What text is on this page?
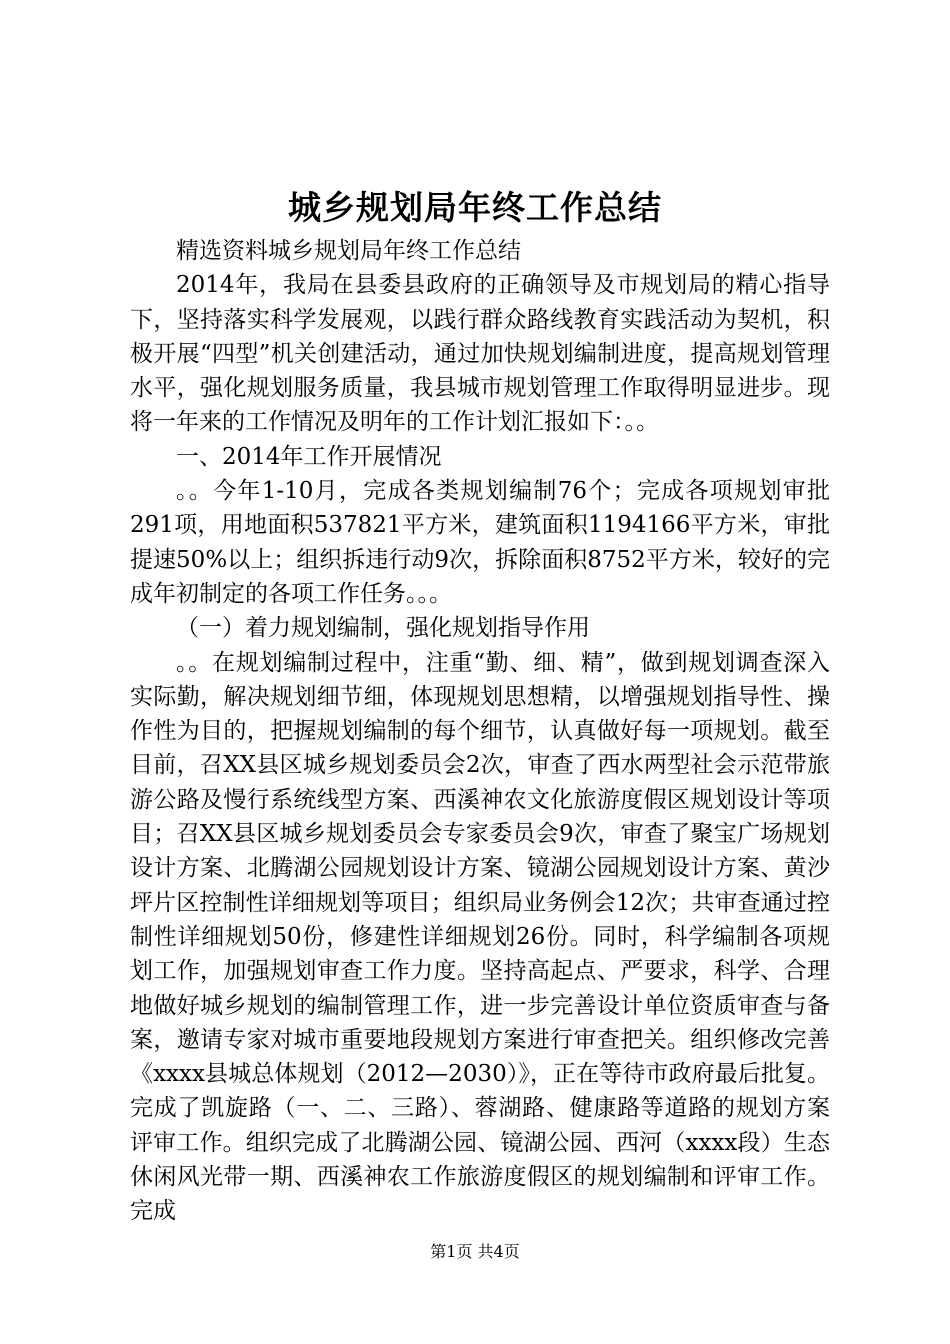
城乡规划局年终工作总结

精选资料城乡规划局年终工作总结

2014年，我局在县委县政府的正确领导及市规划局的精心指导下，坚持落实科学发展观，以践行群众路线教育实践活动为契机，积极开展“四型”机关创建活动，通过加快规划编制进度，提高规划管理水平，强化规划服务质量，我县城市规划管理工作取得明显进步。现将一年来的工作情况及明年的工作计划汇报如下：。。

一、2014年工作开展情况

。。今年1-10月，完成各类规划编制76个；完成各项规划审批291项，用地面积537821平方米，建筑面积1194166平方米，审批提速50%以上；组织拆违行动9次，拆除面积8752平方米，较好的完成年初制定的各项工作任务。。。

（一）着力规划编制，强化规划指导作用

。。在规划编制过程中，注重“勤、细、精”，做到规划调查深入实际勤，解决规划细节细，体现规划思想精，以增强规划指导性、操作性为目的，把握规划编制的每个细节，认真做好每一项规划。截至目前，召XX县区城乡规划委员会2次，审查了西水两型社会示范带旅游公路及慢行系统线型方案、西溪神农文化旅游度假区规划设计等项目；召XX县区城乡规划委员会专家委员会9次，审查了聚宝广场规划设计方案、北腾湖公园规划设计方案、镜湖公园规划设计方案、黄沙坪片区控制性详细规划等项目；组织局业务例会12次；共审查通过控制性详细规划50份，修建性详细规划26份。同时，科学编制各项规划工作，加强规划审查工作力度。坚持高起点、严要求，科学、合理地做好城乡规划的编制管理工作，进一步完善设计单位资质审查与备案，邀请专家对城市重要地段规划方案进行审查把关。组织修改完善《xxxx县城总体规划（2012—2030）》，正在等待市政府最后批复。完成了凯旋路（一、二、三路）、蓉湖路、健康路等道路的规划方案评审工作。组织完成了北腾湖公园、镜湖公园、西河（xxxx段）生态休闲风光带一期、西溪神农工作旅游度假区的规划编制和评审工作。完成

第1页 共4页
